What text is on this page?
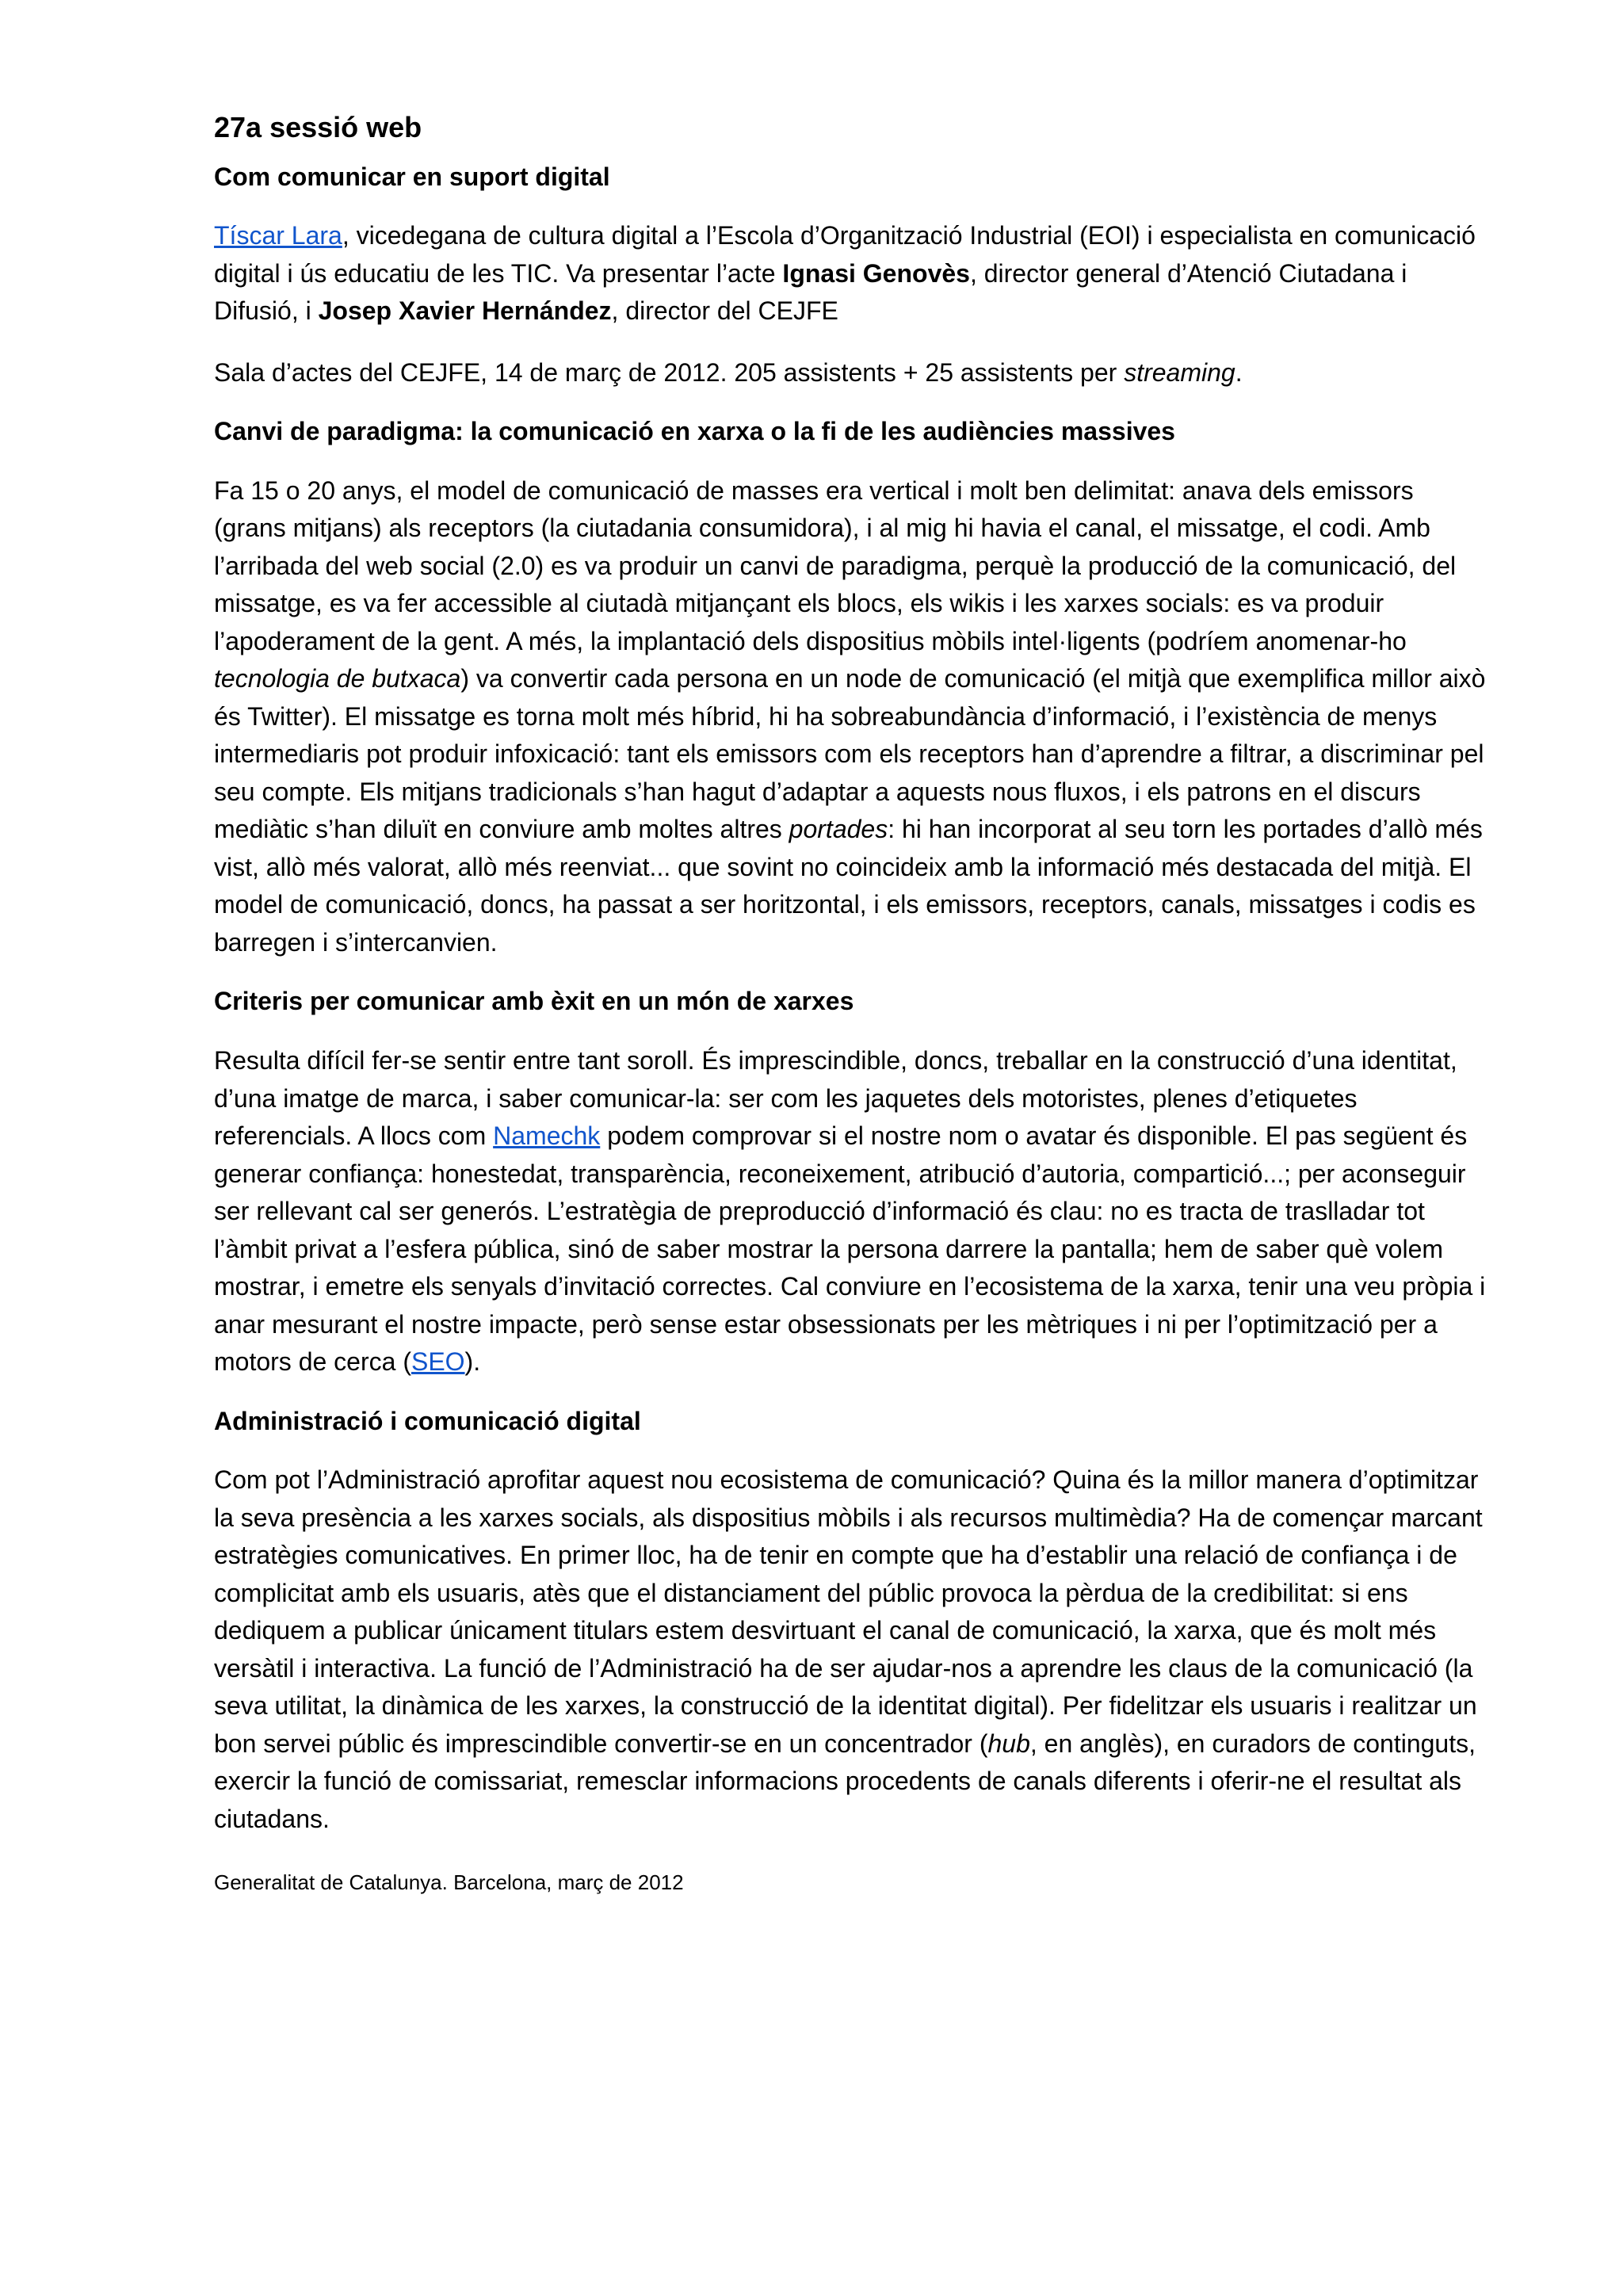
27a sessió web
Com comunicar en suport digital

Tíscar Lara, vicedegana de cultura digital a l’Escola d’Organització Industrial (EOI) i especialista en comunicació digital i ús educatiu de les TIC. Va presentar l’acte Ignasi Genovès, director general d’Atenció Ciutadana i Difusió, i Josep Xavier Hernández, director del CEJFE

Sala d’actes del CEJFE, 14 de març de 2012. 205 assistents + 25 assistents per streaming.

Canvi de paradigma: la comunicació en xarxa o la fi de les audiències massives

Fa 15 o 20 anys, el model de comunicació de masses era vertical i molt ben delimitat: anava dels emissors (grans mitjans) als receptors (la ciutadania consumidora), i al mig hi havia el canal, el missatge, el codi. Amb l’arribada del web social (2.0) es va produir un canvi de paradigma, perquè la producció de la comunicació, del missatge, es va fer accessible al ciutadà mitjançant els blocs, els wikis i les xarxes socials: es va produir l’apoderament de la gent. A més, la implantació dels dispositius mòbils intel·ligents (podríem anomenar-ho tecnologia de butxaca) va convertir cada persona en un node de comunicació (el mitjà que exemplifica millor això és Twitter). El missatge es torna molt més híbrid, hi ha sobreabundància d’informació, i l’existència de menys intermediaris pot produir infoxicació: tant els emissors com els receptors han d’aprendre a filtrar, a discriminar pel seu compte. Els mitjans tradicionals s’han hagut d’adaptar a aquests nous fluxos, i els patrons en el discurs mediàtic s’han diluït en conviure amb moltes altres portades: hi han incorporat al seu torn les portades d’allò més vist, allò més valorat, allò més reenviat... que sovint no coincideix amb la informació més destacada del mitjà. El model de comunicació, doncs, ha passat a ser horitzontal, i els emissors, receptors, canals, missatges i codis es barregen i s’intercanvien.

Criteris per comunicar amb èxit en un món de xarxes

Resulta difícil fer-se sentir entre tant soroll. És imprescindible, doncs, treballar en la construcció d’una identitat, d’una imatge de marca, i saber comunicar-la: ser com les jaquetes dels motoristes, plenes d’etiquetes referencials. A llocs com Namechk podem comprovar si el nostre nom o avatar és disponible. El pas següent és generar confiança: honestedat, transparència, reconeixement, atribució d’autoria, compartició...; per aconseguir ser rellevant cal ser generós. L’estratègia de preproducció d’informació és clau: no es tracta de traslladar tot l’àmbit privat a l’esfera pública, sinó de saber mostrar la persona darrere la pantalla; hem de saber què volem mostrar, i emetre els senyals d’invitació correctes. Cal conviure en l’ecosistema de la xarxa, tenir una veu pròpia i anar mesurant el nostre impacte, però sense estar obsessionats per les mètriques i ni per l’optimització per a motors de cerca (SEO).

Administració i comunicació digital

Com pot l’Administració aprofitar aquest nou ecosistema de comunicació? Quina és la millor manera d’optimitzar la seva presència a les xarxes socials, als dispositius mòbils i als recursos multimèdia? Ha de començar marcant estratègies comunicatives. En primer lloc, ha de tenir en compte que ha d’establir una relació de confiança i de complicitat amb els usuaris, atès que el distanciament del públic provoca la pèrdua de la credibilitat: si ens dediquem a publicar únicament titulars estem desvirtuant el canal de comunicació, la xarxa, que és molt més versàtil i interactiva. La funció de l’Administració ha de ser ajudar-nos a aprendre les claus de la comunicació (la seva utilitat, la dinàmica de les xarxes, la construcció de la identitat digital). Per fidelitzar els usuaris i realitzar un bon servei públic és imprescindible convertir-se en un concentrador (hub, en anglès), en curadors de continguts, exercir la funció de comissariat, remesclar informacions procedents de canals diferents i oferir-ne el resultat als ciutadans.

Generalitat de Catalunya. Barcelona, març de 2012
